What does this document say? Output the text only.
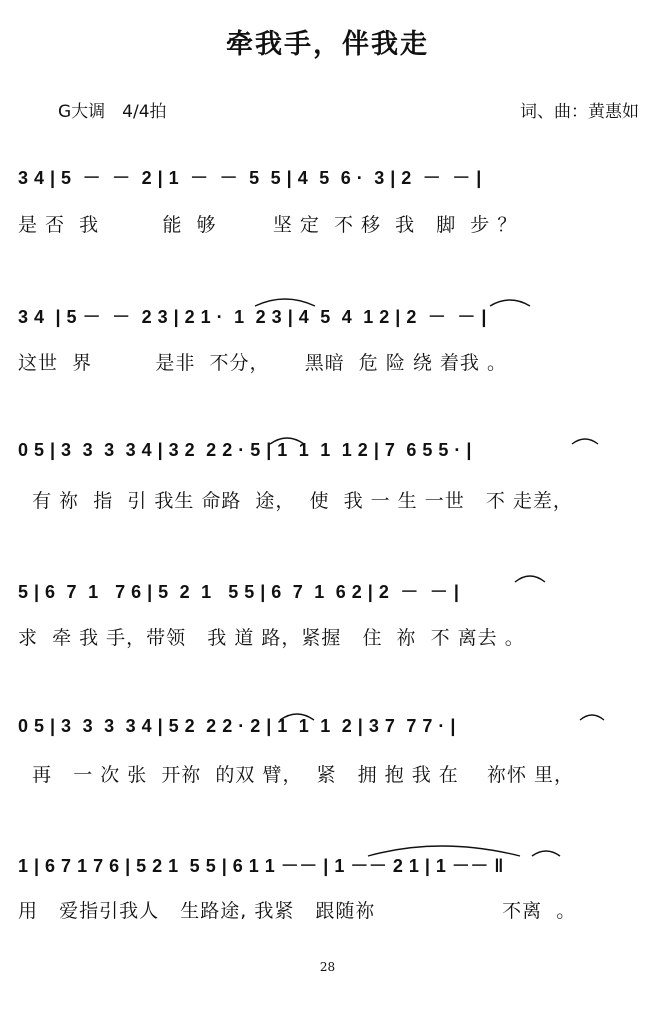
牵我手，伴我走
G大调　4/4拍	词、曲：黄惠如
3 4 | 5  －  －  2 | 1  －  －  5  5 | 4  5  6 ·  3 | 2  －  － |
是 否  我         能  够        坚 定  不 移  我   脚  步 ？
3 4  | 5 －  －  2 3 | 2 1 ·  1  2 3 | 4  5  4  1 2 | 2  －  － |
这世  界         是非  不分，     黑暗  危 险 绕 着我 。
0 5 | 3  3  3  3 4 | 3 2  2 2 · 5 | 1  1  1  1 2 | 7  6 5 5 · |
有 祢  指  引 我生 命路  途，  使  我 一 生 一世   不 走差，
5 | 6  7  1   7 6 | 5  2  1   5 5 | 6  7  1  6 2 | 2  －  － |
求  牵 我 手，带领   我 道 路，紧握   住  祢  不 离去 。
0 5 | 3  3  3  3 4 | 5 2  2 2 · 2 | 1  1  1  2 | 3 7  7 7 · |
再   一 次 张  开祢  的双 臂，  紧   拥 抱 我 在    祢怀 里，
1 | 6 7 1 7 6 | 5 2 1  5 5 | 6 1 1 －－ | 1 －－ 2 1 | 1 －－ ‖
用   爱指引我人   生路途, 我紧   跟随祢                  不离  。
28
